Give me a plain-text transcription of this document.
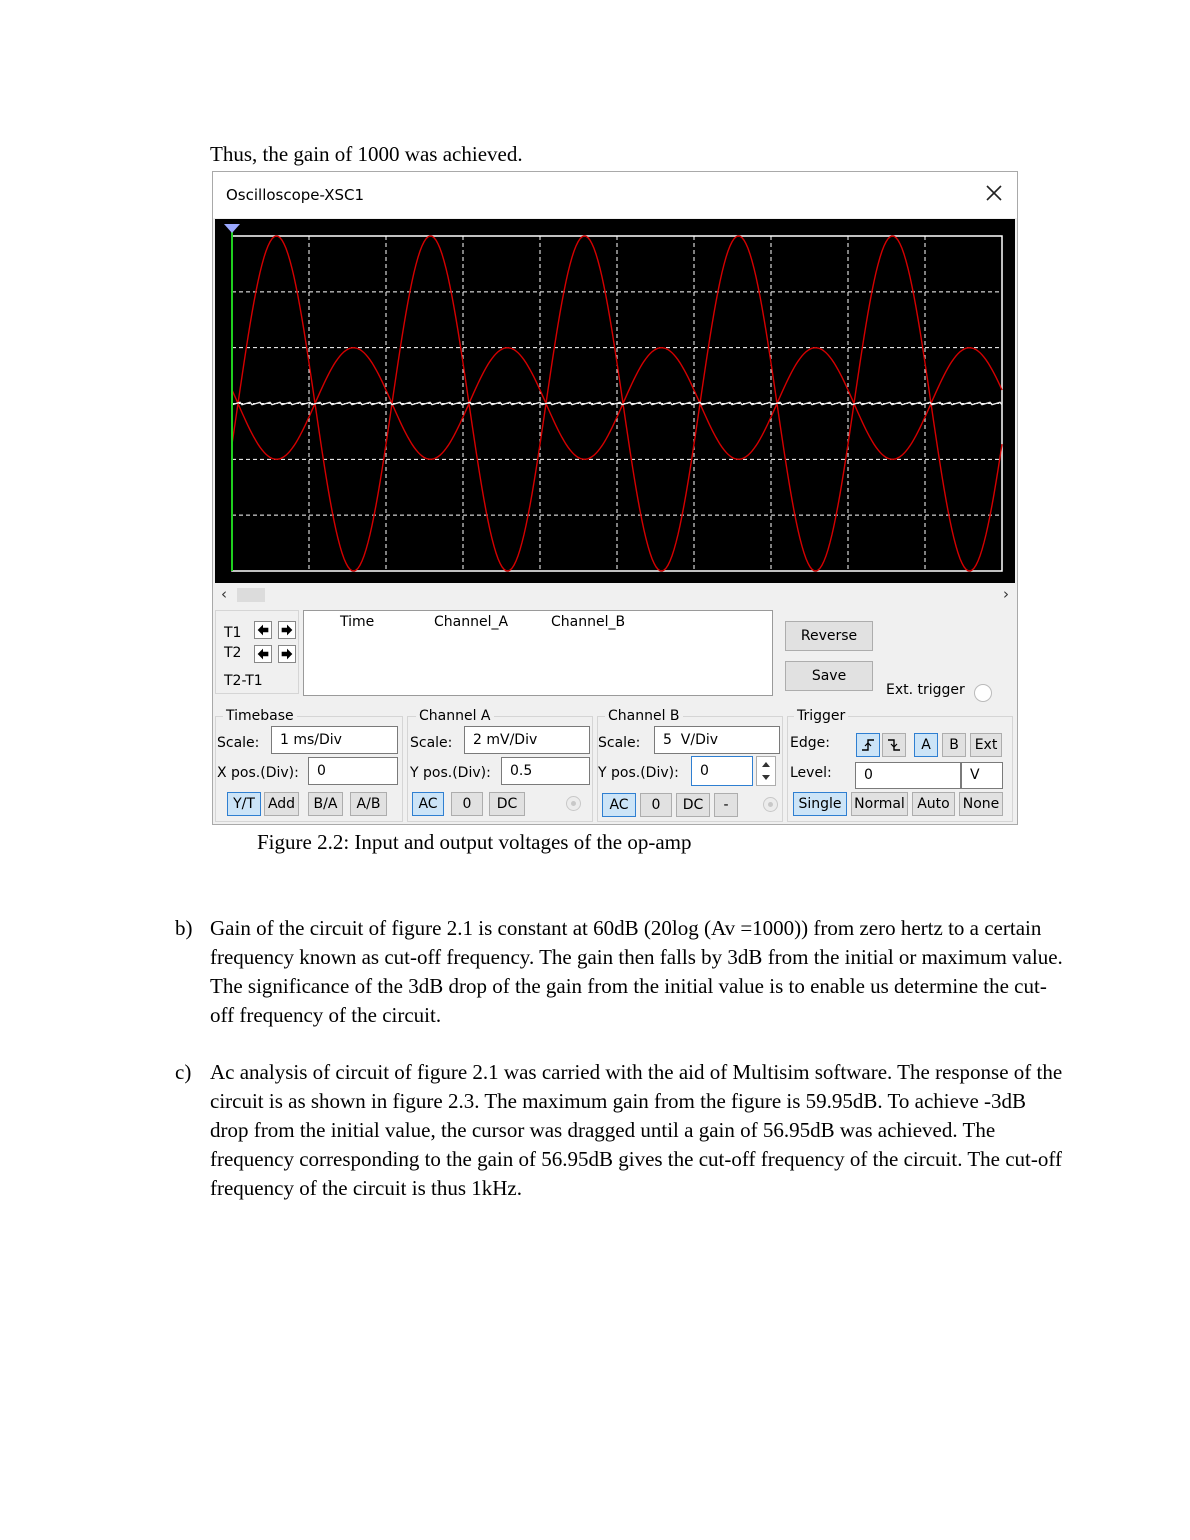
Thus, the gain of 1000 was achieved.
Oscilloscope-XSC1
‹	›
T1
T2
T2-T1
Time	Channel_A	Channel_B
Reverse
Save
Ext. trigger
Timebase
Scale:	1 ms/Div
X pos.(Div):	0
Y/T Add	B/A	A/B
Channel A
Scale:	2 mV/Div
Y pos.(Div):	0.5
AC	0	DC
Channel B
Scale:	5  V/Div
Y pos.(Div):	0
AC	0	DC	-
Trigger
Edge:	A	B	Ext
Level:	0	V
Single Normal Auto None
Figure 2.2: Input and output voltages of the op-amp
b) Gain of the circuit of figure 2.1 is constant at 60dB (20log (Av =1000)) from zero hertz to a certain frequency known as cut-off frequency. The gain then falls by 3dB from the initial or maximum value. The significance of the 3dB drop of the gain from the initial value is to enable us determine the cut-off frequency of the circuit.
c) Ac analysis of circuit of figure 2.1 was carried with the aid of Multisim software. The response of the circuit is as shown in figure 2.3. The maximum gain from the figure is 59.95dB. To achieve -3dB drop from the initial value, the cursor was dragged until a gain of 56.95dB was achieved. The frequency corresponding to the gain of 56.95dB gives the cut-off frequency of the circuit. The cut-off frequency of the circuit is thus 1kHz.
